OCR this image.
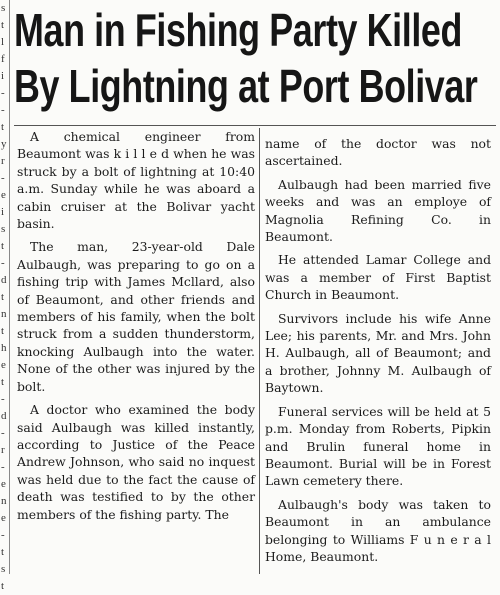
s
t
l
f
i
-
-
t
y
r
-
e
i
s
t
-
d
t
n
t
h
e
t
-
d
-
r
-
e
n
e
-
t
s
t
Man in Fishing Party Killed
By Lightning at Port Bolivar

A chemical engineer from Beaumont was k i l l e d when he was struck by a bolt of lightning at 10:40 a.m. Sunday while he was aboard a cabin cruiser at the Bolivar yacht basin.

The man, 23-year-old Dale Aulbaugh, was preparing to go on a fishing trip with James Mcllard, also of Beaumont, and other friends and members of his family, when the bolt struck from a sudden thunderstorm, knocking Aulbaugh into the water. None of the other was injured by the bolt.

A doctor who examined the body said Aulbaugh was killed instantly, according to Justice of the Peace Andrew Johnson, who said no inquest was held due to the fact the cause of death was testified to by the other members of the fishing party. The

name of the doctor was not ascertained.

Aulbaugh had been married five weeks and was an employe of Magnolia Refining Co. in Beaumont.

He attended Lamar College and was a member of First Baptist Church in Beaumont.

Survivors include his wife Anne Lee; his parents, Mr. and Mrs. John H. Aulbaugh, all of Beaumont; and a brother, Johnny M. Aulbaugh of Baytown.

Funeral services will be held at 5 p.m. Monday from Roberts, Pipkin and Brulin funeral home in Beaumont. Burial will be in Forest Lawn cemetery there.

Aulbaugh's body was taken to Beaumont in an ambulance belonging to Williams F u n e r a l Home, Beaumont.
